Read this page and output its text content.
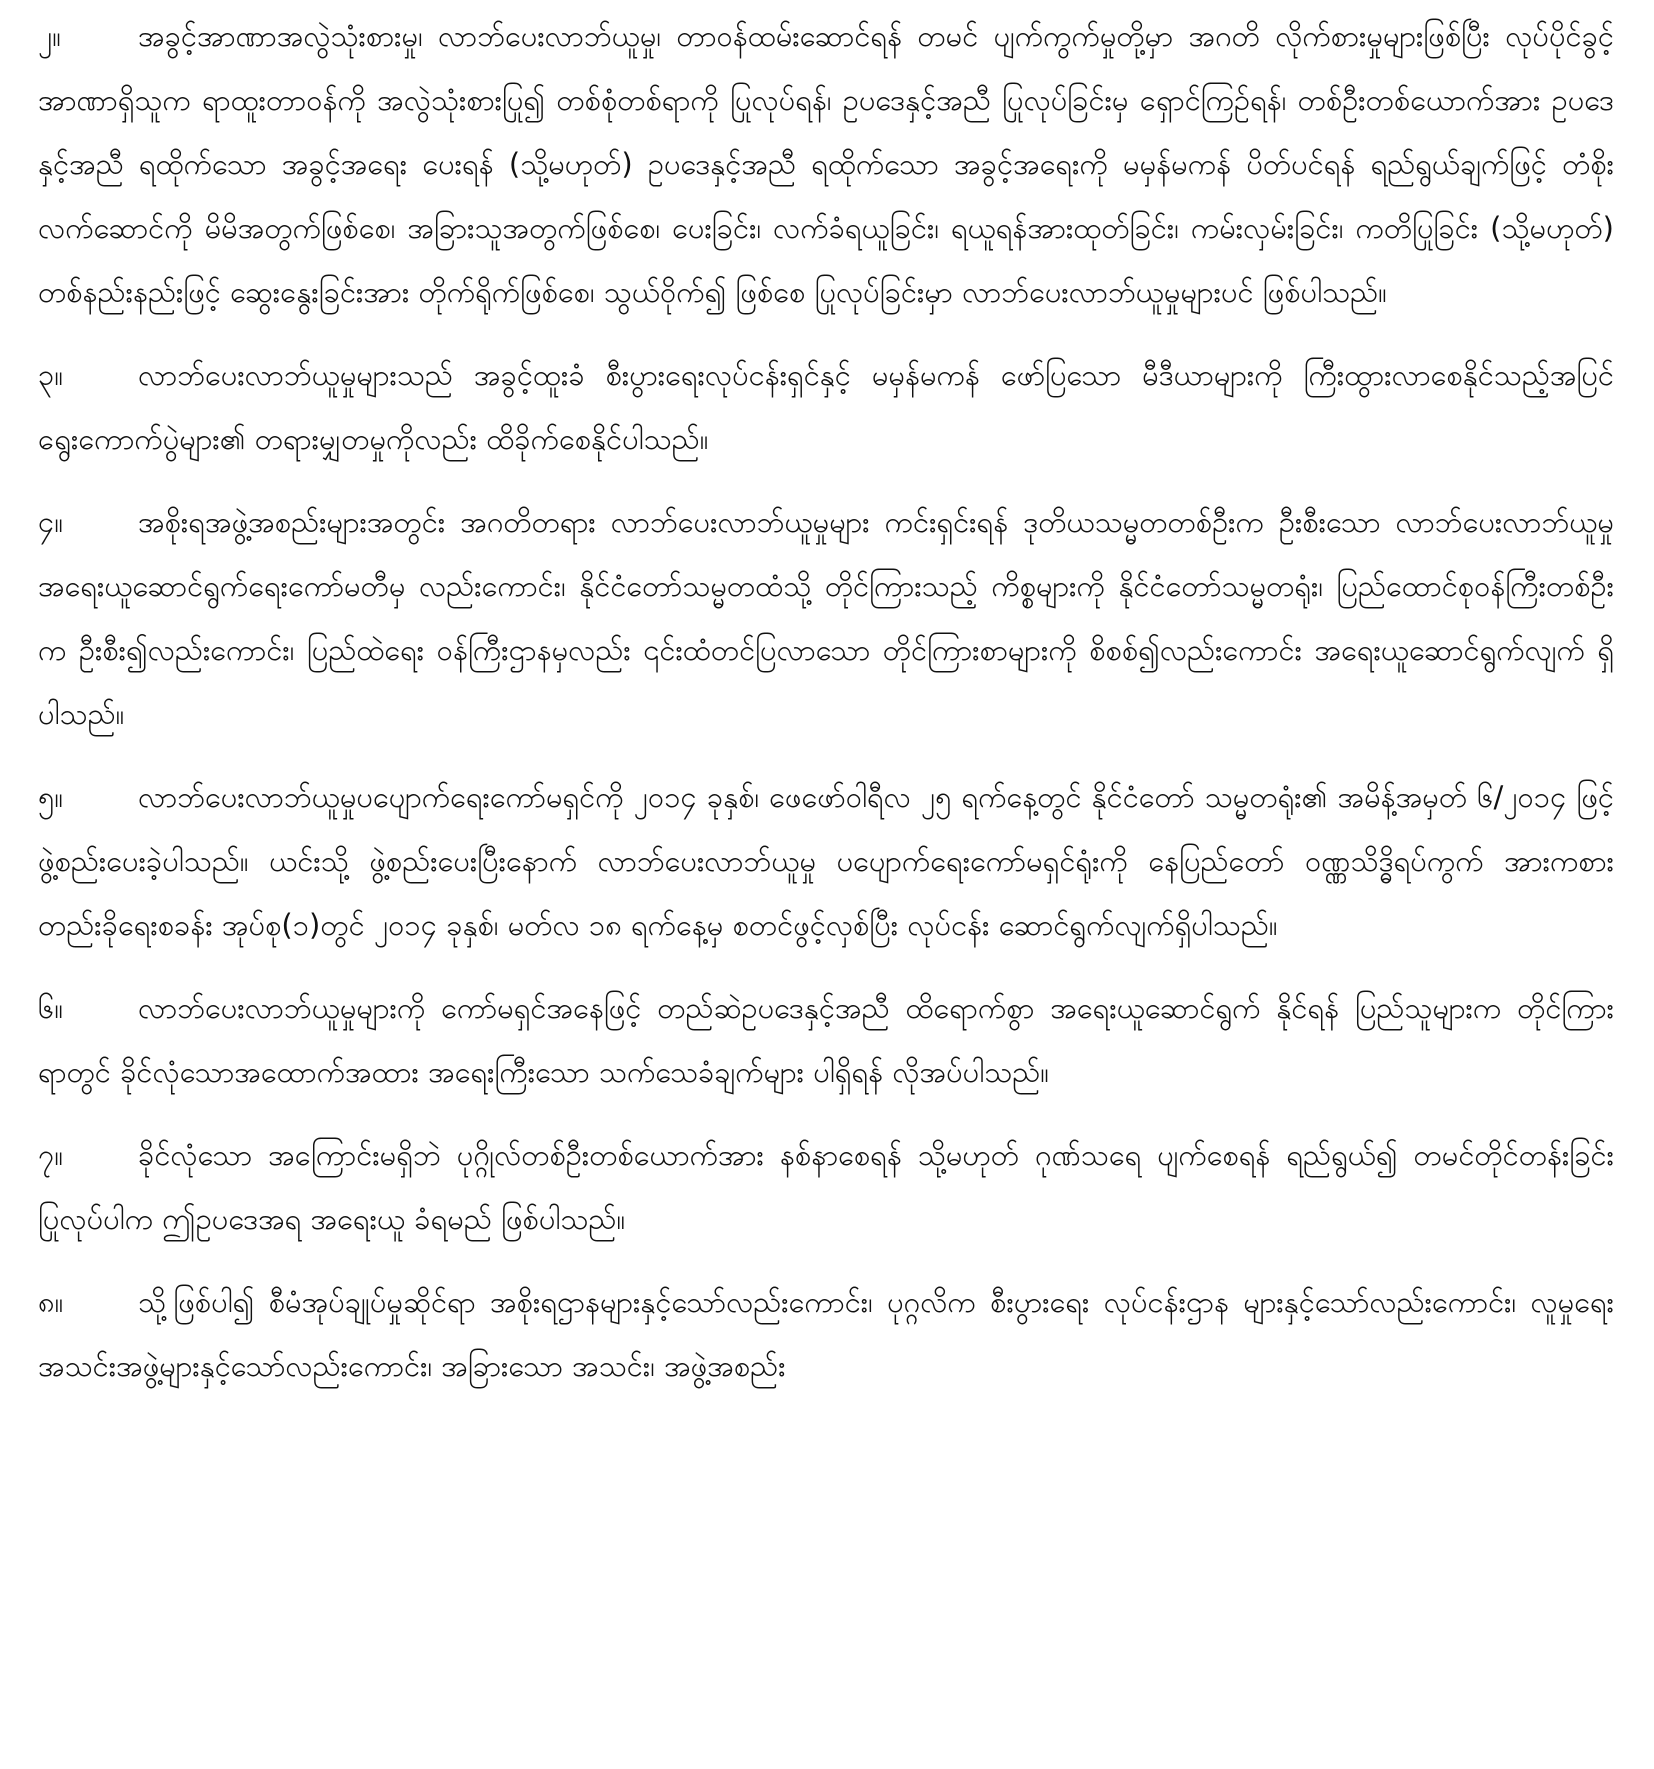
၂။	အခွင့်အာဏာအလွဲသုံးစားမှု၊ လာဘ်ပေးလာဘ်ယူမှု၊ တာဝန်ထမ်းဆောင်ရန် တမင် ပျက်ကွက်မှုတို့မှာ အဂတိ လိုက်စားမှုများဖြစ်ပြီး လုပ်ပိုင်ခွင့်အာဏာရှိသူက ရာထူးတာဝန်ကို အလွဲသုံးစားပြု၍ တစ်စုံတစ်ရာကို ပြုလုပ်ရန်၊ ဥပဒေနှင့်အညီ ပြုလုပ်ခြင်းမှ ရှောင်ကြဉ်ရန်၊ တစ်ဦးတစ်ယောက်အား ဥပဒေနှင့်အညီ ရထိုက်သော အခွင့်အရေး ပေးရန် (သို့မဟုတ်) ဥပဒေနှင့်အညီ ရထိုက်သော အခွင့်အရေးကို မမှန်မကန် ပိတ်ပင်ရန် ရည်ရွယ်ချက်ဖြင့် တံစိုး လက်ဆောင်ကို မိမိအတွက်ဖြစ်စေ၊ အခြားသူအတွက်ဖြစ်စေ၊ ပေးခြင်း၊ လက်ခံရယူခြင်း၊ ရယူရန်အားထုတ်ခြင်း၊ ကမ်းလှမ်းခြင်း၊ ကတိပြုခြင်း (သို့မဟုတ်) တစ်နည်းနည်းဖြင့် ဆွေးနွေးခြင်းအား တိုက်ရိုက်ဖြစ်စေ၊ သွယ်ဝိုက်၍ ဖြစ်စေ ပြုလုပ်ခြင်းမှာ လာဘ်ပေးလာဘ်ယူမှုများပင် ဖြစ်ပါသည်။

၃။	လာဘ်ပေးလာဘ်ယူမှုများသည် အခွင့်ထူးခံ စီးပွားရေးလုပ်ငန်းရှင်နှင့် မမှန်မကန် ဖော်ပြသော မီဒီယာများကို ကြီးထွားလာစေနိုင်သည့်အပြင် ရွေးကောက်ပွဲများ၏ တရားမျှတမှုကိုလည်း ထိခိုက်စေနိုင်ပါသည်။

၄။	အစိုးရအဖွဲ့အစည်းများအတွင်း အဂတိတရား လာဘ်ပေးလာဘ်ယူမှုများ ကင်းရှင်းရန် ဒုတိယသမ္မတတစ်ဦးက ဦးစီးသော လာဘ်ပေးလာဘ်ယူမှု အရေးယူဆောင်ရွက်ရေးကော်မတီမှ လည်းကောင်း၊ နိုင်ငံတော်သမ္မတထံသို့ တိုင်ကြားသည့် ကိစ္စများကို နိုင်ငံတော်သမ္မတရုံး၊ ပြည်ထောင်စုဝန်ကြီးတစ်ဦးက ဦးစီး၍လည်းကောင်း၊ ပြည်ထဲရေး ဝန်ကြီးဌာနမှလည်း ၎င်းထံတင်ပြလာသော တိုင်ကြားစာများကို စိစစ်၍လည်းကောင်း အရေးယူဆောင်ရွက်လျက် ရှိပါသည်။

၅။	လာဘ်ပေးလာဘ်ယူမှုပပျောက်ရေးကော်မရှင်ကို ၂၀၁၄ ခုနှစ်၊ ဖေဖော်ဝါရီလ ၂၅ ရက်နေ့တွင် နိုင်ငံတော် သမ္မတရုံး၏ အမိန့်အမှတ် ၆/၂၀၁၄ ဖြင့် ဖွဲ့စည်းပေးခဲ့ပါသည်။ ယင်းသို့ ဖွဲ့စည်းပေးပြီးနောက် လာဘ်ပေးလာဘ်ယူမှု ပပျောက်ရေးကော်မရှင်ရုံးကို နေပြည်တော် ဝဏ္ဏသိဒ္ဓိရပ်ကွက် အားကစားတည်းခိုရေးစခန်း အုပ်စု(၁)တွင် ၂၀၁၄ ခုနှစ်၊ မတ်လ ၁၈ ရက်နေ့မှ စတင်ဖွင့်လှစ်ပြီး လုပ်ငန်း ဆောင်ရွက်လျက်ရှိပါသည်။

၆။	လာဘ်ပေးလာဘ်ယူမှုများကို ကော်မရှင်အနေဖြင့် တည်ဆဲဥပဒေနှင့်အညီ ထိရောက်စွာ အရေးယူဆောင်ရွက် နိုင်ရန် ပြည်သူများက တိုင်ကြားရာတွင် ခိုင်လုံသောအထောက်အထား အရေးကြီးသော သက်သေခံချက်များ ပါရှိရန် လိုအပ်ပါသည်။

၇။	ခိုင်လုံသော အကြောင်းမရှိဘဲ ပုဂ္ဂိုလ်တစ်ဦးတစ်ယောက်အား နစ်နာစေရန် သို့မဟုတ် ဂုဏ်သရေ ပျက်စေရန် ရည်ရွယ်၍ တမင်တိုင်တန်းခြင်း ပြုလုပ်ပါက ဤဥပဒေအရ အရေးယူ ခံရမည် ဖြစ်ပါသည်။

၈။	သို့ဖြစ်ပါ၍ စီမံအုပ်ချုပ်မှုဆိုင်ရာ အစိုးရဌာနများနှင့်သော်လည်းကောင်း၊ ပုဂ္ဂလိက စီးပွားရေး လုပ်ငန်းဌာန များနှင့်သော်လည်းကောင်း၊ လူမှုရေးအသင်းအဖွဲ့များနှင့်သော်လည်းကောင်း၊ အခြားသော အသင်း၊ အဖွဲ့အစည်း
